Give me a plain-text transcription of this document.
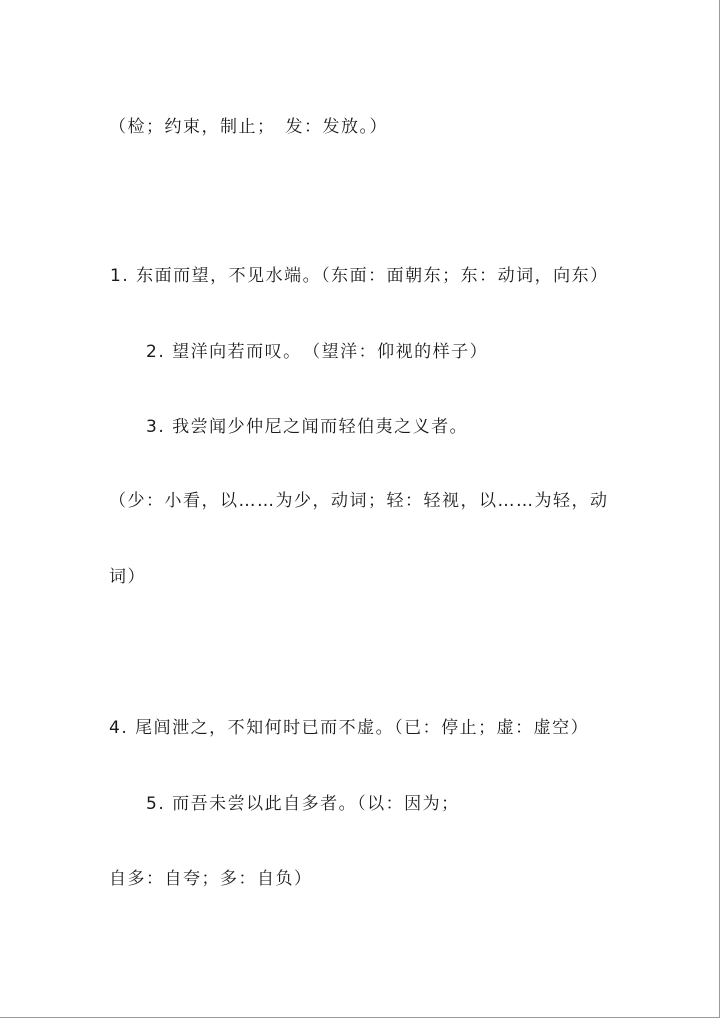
（检；约束，制止；　发：发放。）
1. 东面而望，不见水端。（东面：面朝东；东：动词，向东）
2. 望洋向若而叹。　（望洋：仰视的样子）
3. 我尝闻少仲尼之闻而轻伯夷之义者。
（少：小看，以……为少，动词；轻：轻视，以……为轻，动
词）
4. 尾闾泄之，不知何时已而不虚。（已：停止；虚：虚空）
5. 而吾未尝以此自多者。（以：因为；
自多：自夸；多：自负）
